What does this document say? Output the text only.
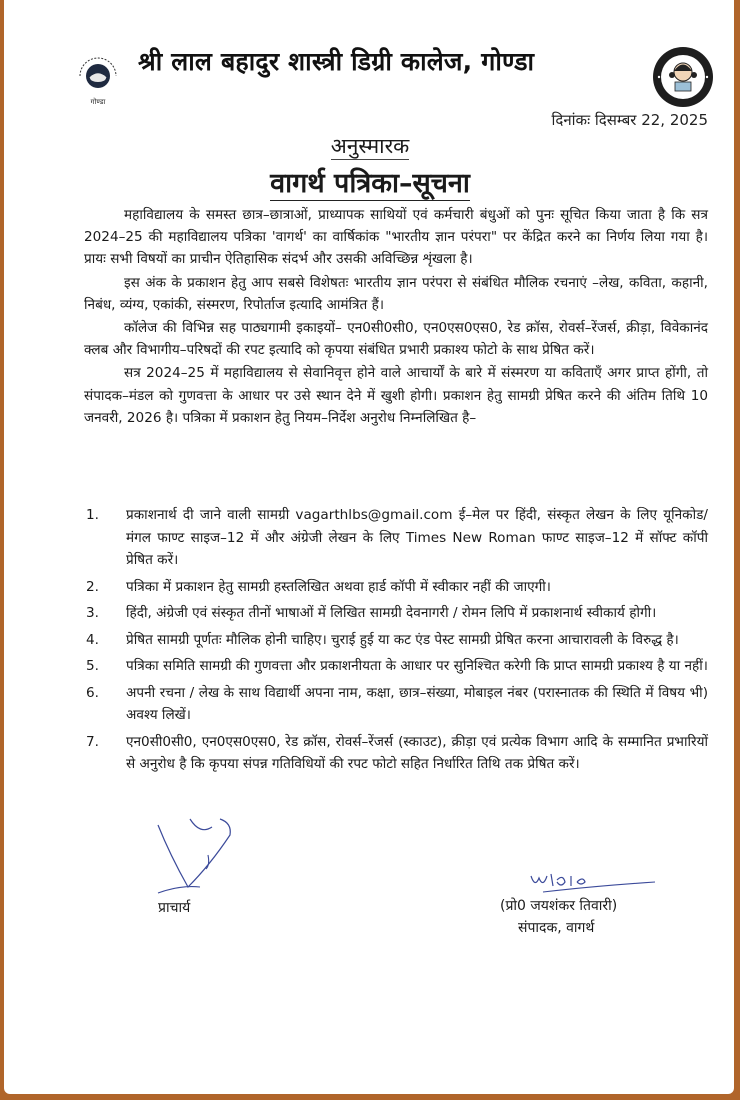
गोण्डा
श्री लाल बहादुर शास्त्री डिग्री कालेज, गोण्डा
दिनांकः दिसम्बर 22, 2025
अनुस्मारक
वागर्थ पत्रिका–सूचना

महाविद्यालय के समस्त छात्र–छात्राओं, प्राध्यापक साथियों एवं कर्मचारी बंधुओं को पुनः सूचित किया जाता है कि सत्र 2024–25 की महाविद्यालय पत्रिका 'वागर्थ' का वार्षिकांक "भारतीय ज्ञान परंपरा" पर केंद्रित करने का निर्णय लिया गया है। प्रायः सभी विषयों का प्राचीन ऐतिहासिक संदर्भ और उसकी अविच्छिन्न शृंखला है।

इस अंक के प्रकाशन हेतु आप सबसे विशेषतः भारतीय ज्ञान परंपरा से संबंधित मौलिक रचनाएं –लेख, कविता, कहानी, निबंध, व्यंग्य, एकांकी, संस्मरण, रिपोर्ताज इत्यादि आमंत्रित हैं।

कॉलेज की विभिन्न सह पाठ्यगामी इकाइयों– एन0सी0सी0, एन0एस0एस0, रेड क्रॉस, रोवर्स–रेंजर्स, क्रीड़ा, विवेकानंद क्लब और विभागीय–परिषदों की रपट इत्यादि को कृपया संबंधित प्रभारी प्रकाश्य फोटो के साथ प्रेषित करें।

सत्र 2024–25 में महाविद्यालय से सेवानिवृत्त होने वाले आचार्यों के बारे में संस्मरण या कविताएँ अगर प्राप्त होंगी, तो संपादक–मंडल को गुणवत्ता के आधार पर उसे स्थान देने में खुशी होगी। प्रकाशन हेतु सामग्री प्रेषित करने की अंतिम तिथि 10 जनवरी, 2026 है। पत्रिका में प्रकाशन हेतु नियम–निर्देश अनुरोध निम्नलिखित है–

1.	प्रकाशनार्थ दी जाने वाली सामग्री vagarthlbs@gmail.com ई–मेल पर हिंदी, संस्कृत लेखन के लिए यूनिकोड/मंगल फाण्ट साइज–12 में और अंग्रेजी लेखन के लिए Times New Roman फाण्ट साइज–12 में सॉफ्ट कॉपी प्रेषित करें।
2.	पत्रिका में प्रकाशन हेतु सामग्री हस्तलिखित अथवा हार्ड कॉपी में स्वीकार नहीं की जाएगी।
3.	हिंदी, अंग्रेजी एवं संस्कृत तीनों भाषाओं में लिखित सामग्री देवनागरी / रोमन लिपि में प्रकाशनार्थ स्वीकार्य होगी।
4.	प्रेषित सामग्री पूर्णतः मौलिक होनी चाहिए। चुराई हुई या कट एंड पेस्ट सामग्री प्रेषित करना आचारावली के विरुद्ध है।
5.	पत्रिका समिति सामग्री की गुणवत्ता और प्रकाशनीयता के आधार पर सुनिश्चित करेगी कि प्राप्त सामग्री प्रकाश्य है या नहीं।
6.	अपनी रचना / लेख के साथ विद्यार्थी अपना नाम, कक्षा, छात्र–संख्या, मोबाइल नंबर (परास्नातक की स्थिति में विषय भी) अवश्य लिखें।
7.	एन0सी0सी0, एन0एस0एस0, रेड क्रॉस, रोवर्स–रेंजर्स (स्काउट), क्रीड़ा एवं प्रत्येक विभाग आदि के सम्मानित प्रभारियों से अनुरोध है कि कृपया संपन्न गतिविधियों की रपट फोटो सहित निर्धारित तिथि तक प्रेषित करें।
प्राचार्य	(प्रो0 जयशंकर तिवारी)
संपादक, वागर्थ
